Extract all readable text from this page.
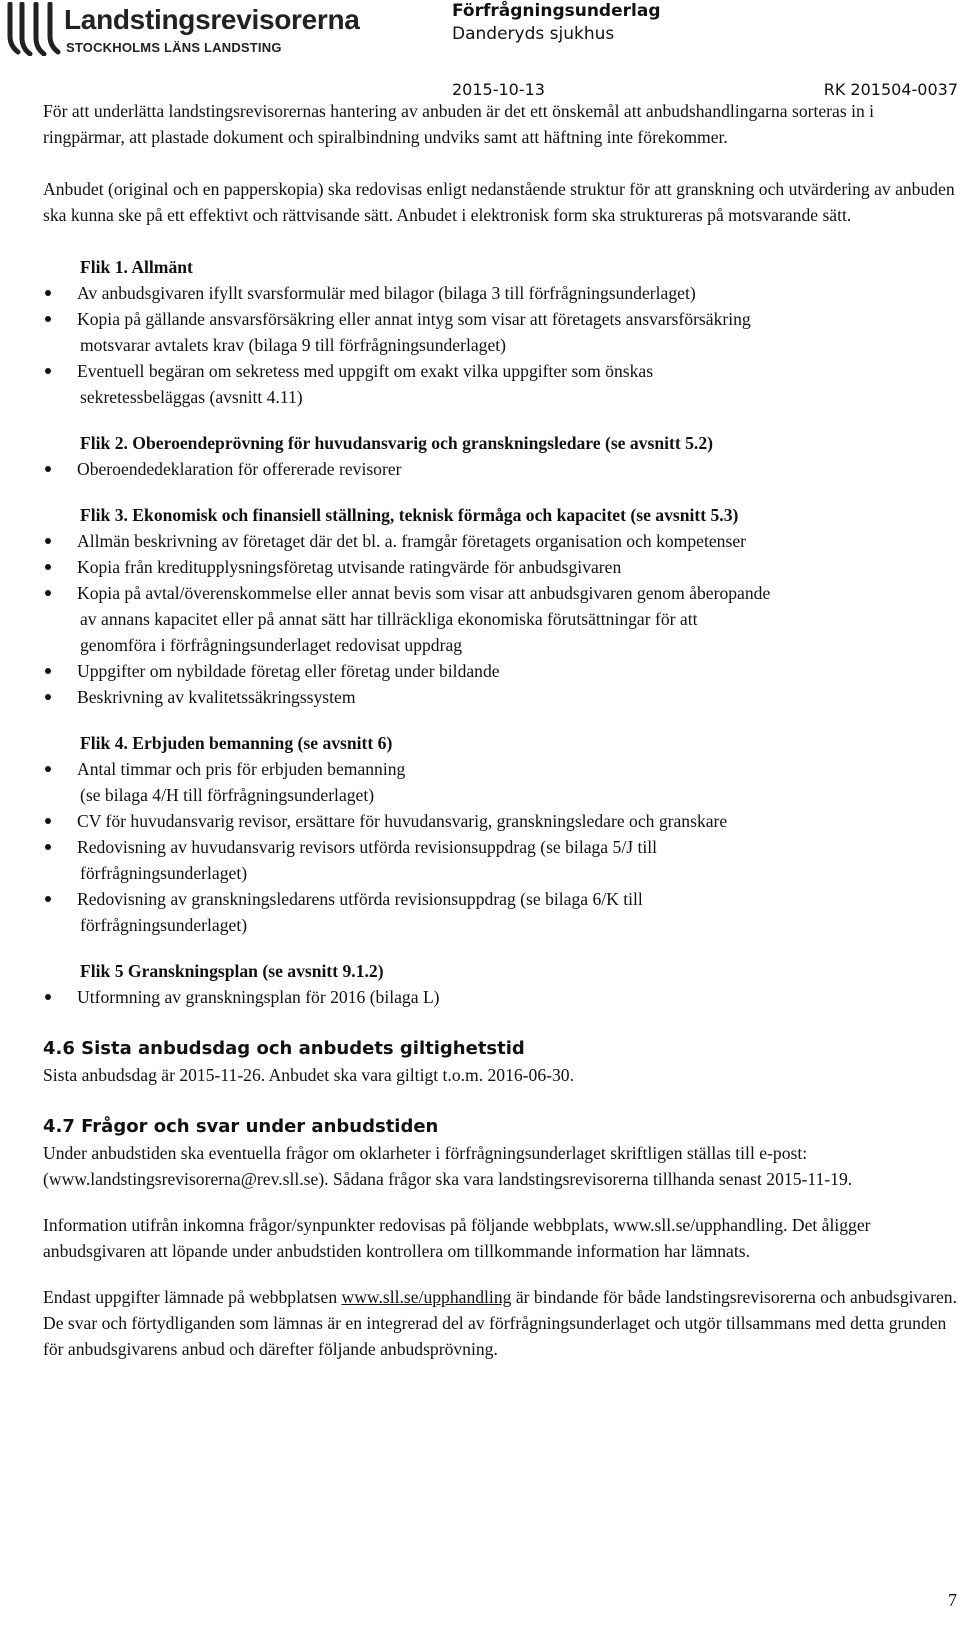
Landstingsrevisorerna
STOCKHOLMS LÄNS LANDSTING
Förfrågningsunderlag
Danderyds sjukhus
2015-10-13	RK 201504-0037

För att underlätta landstingsrevisorernas hantering av anbuden är det ett önskemål att anbudshandlingarna sorteras in i ringpärmar, att plastade dokument och spiralbindning undviks samt att häftning inte förekommer.

Anbudet (original och en papperskopia) ska redovisas enligt nedanstående struktur för att granskning och utvärdering av anbuden ska kunna ske på ett effektivt och rättvisande sätt. Anbudet i elektronisk form ska struktureras på motsvarande sätt.

Flik 1. Allmänt
Av anbudsgivaren ifyllt svarsformulär med bilagor (bilaga 3 till förfrågningsunderlaget)
Kopia på gällande ansvarsförsäkring eller annat intyg som visar att företagets ansvarsförsäkring
motsvarar avtalets krav (bilaga 9 till förfrågningsunderlaget)
Eventuell begäran om sekretess med uppgift om exakt vilka uppgifter som önskas
sekretessbeläggas (avsnitt 4.11)
Flik 2. Oberoendeprövning för huvudansvarig och granskningsledare (se avsnitt 5.2)
Oberoendedeklaration för offererade revisorer
Flik 3. Ekonomisk och finansiell ställning, teknisk förmåga och kapacitet (se avsnitt 5.3)
Allmän beskrivning av företaget där det bl. a. framgår företagets organisation och kompetenser
Kopia från kreditupplysningsföretag utvisande ratingvärde för anbudsgivaren
Kopia på avtal/överenskommelse eller annat bevis som visar att anbudsgivaren genom åberopande
av annans kapacitet eller på annat sätt har tillräckliga ekonomiska förutsättningar för att
genomföra i förfrågningsunderlaget redovisat uppdrag
Uppgifter om nybildade företag eller företag under bildande
Beskrivning av kvalitetssäkringssystem
Flik 4. Erbjuden bemanning (se avsnitt 6)
Antal timmar och pris för erbjuden bemanning
(se bilaga 4/H till förfrågningsunderlaget)
CV för huvudansvarig revisor, ersättare för huvudansvarig, granskningsledare och granskare
Redovisning av huvudansvarig revisors utförda revisionsuppdrag (se bilaga 5/J till
förfrågningsunderlaget)
Redovisning av granskningsledarens utförda revisionsuppdrag (se bilaga 6/K till
förfrågningsunderlaget)
Flik 5 Granskningsplan (se avsnitt 9.1.2)
Utformning av granskningsplan för 2016 (bilaga L)
4.6 Sista anbudsdag och anbudets giltighetstid

Sista anbudsdag är 2015-11-26. Anbudet ska vara giltigt t.o.m. 2016-06-30.

4.7 Frågor och svar under anbudstiden

Under anbudstiden ska eventuella frågor om oklarheter i förfrågningsunderlaget skriftligen ställas till e-post: (www.landstingsrevisorerna@rev.sll.se). Sådana frågor ska vara landstingsrevisorerna tillhanda senast 2015-11-19.

Information utifrån inkomna frågor/synpunkter redovisas på följande webbplats, www.sll.se/upphandling. Det åligger anbudsgivaren att löpande under anbudstiden kontrollera om tillkommande information har lämnats.

Endast uppgifter lämnade på webbplatsen www.sll.se/upphandling är bindande för både landstingsrevisorerna och anbudsgivaren. De svar och förtydliganden som lämnas är en integrerad del av förfrågningsunderlaget och utgör tillsammans med detta grunden för anbudsgivarens anbud och därefter följande anbudsprövning.

7
